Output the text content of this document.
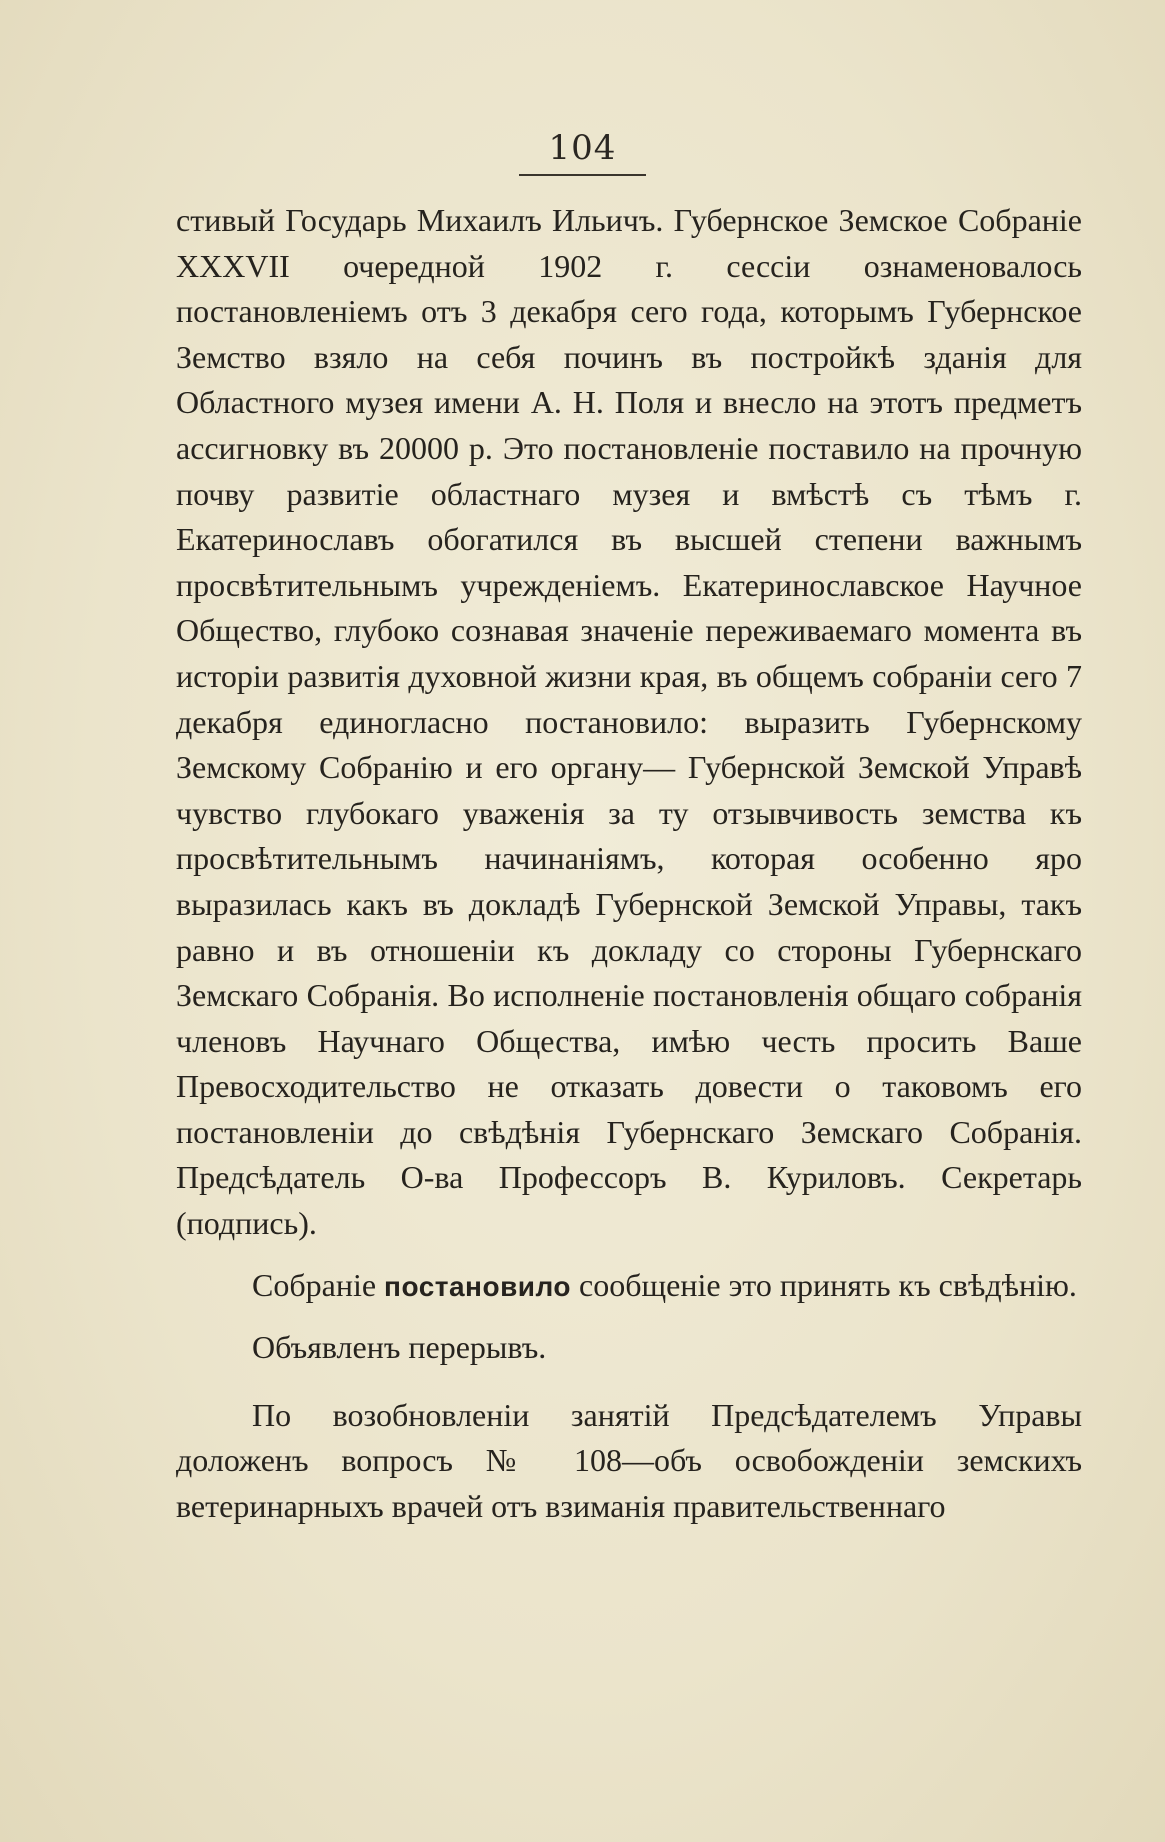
104

стивый Государь Михаилъ Ильичъ. Губернское Земское Собраніе XXXVII очередной 1902 г. сессіи ознаменовалось постановленіемъ отъ 3 декабря сего года, которымъ Губернское Земство взяло на себя починъ въ постройкѣ зданія для Областного музея имени А. Н. Поля и внесло на этотъ предметъ ассигновку въ 20000 р. Это постановленіе поставило на прочную почву развитіе областнаго музея и вмѣстѣ съ тѣмъ г. Екатеринославъ обогатился въ высшей степени важнымъ просвѣтительнымъ учрежденіемъ. Екатеринославское Научное Общество, глубоко сознавая значеніе переживаемаго момента въ исторіи развитія духовной жизни края, въ общемъ собраніи сего 7 декабря единогласно постановило: выразить Губернскому Земскому Собранію и его органу— Губернской Земской Управѣ чувство глубокаго уваженія за ту отзывчивость земства къ просвѣтительнымъ начинаніямъ, которая особенно яро выразилась какъ въ докладѣ Губернской Земской Управы, такъ равно и въ отношеніи къ докладу со стороны Губернскаго Земскаго Собранія. Во исполненіе постановленія общаго собранія членовъ Научнаго Общества, имѣю честь просить Ваше Превосходительство не отказать довести о таковомъ его постановленіи до свѣдѣнія Губернскаго Земскаго Собранія. Предсѣдатель О-ва Профессоръ В. Куриловъ. Секретарь (подпись).

Собраніе постановило сообщеніе это принять къ свѣдѣнію.

Объявленъ перерывъ.

По возобновленіи занятій Предсѣдателемъ Управы доложенъ вопросъ № 108—объ освобожденіи земскихъ ветеринарныхъ врачей отъ взиманія правительственнаго
